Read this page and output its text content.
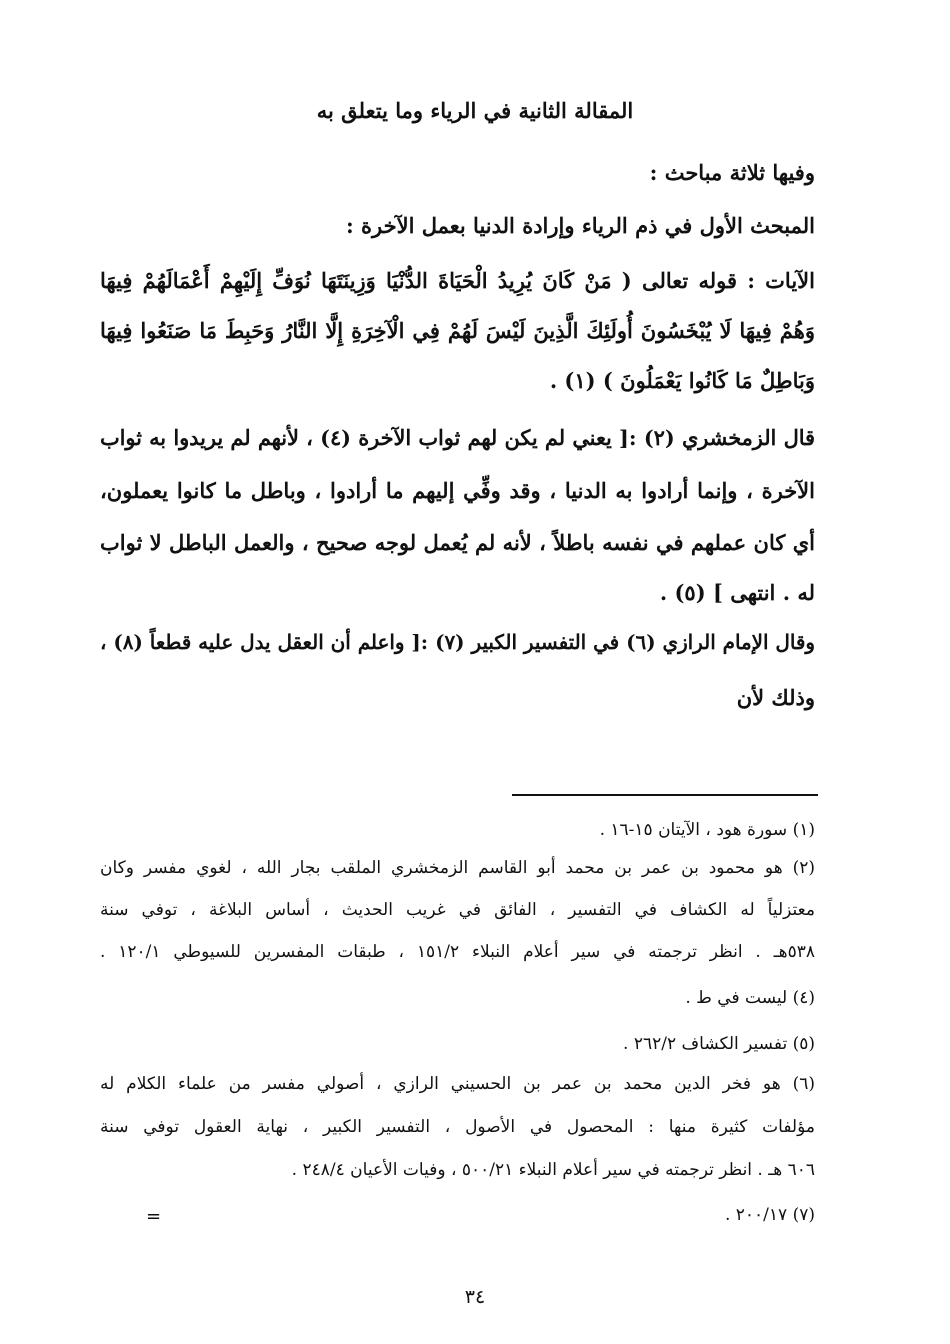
المقالة الثانية في الرياء وما يتعلق به
وفيها ثلاثة مباحث :
المبحث الأول في ذم الرياء وإرادة الدنيا بعمل الآخرة :
الآيات : قوله تعالى ( مَنْ كَانَ يُرِيدُ الْحَيَاةَ الدُّنْيَا وَزِينَتَهَا نُوَفِّ إِلَيْهِمْ أَعْمَالَهُمْ فِيهَا
وَهُمْ فِيهَا لَا يُبْخَسُونَ أُولَئِكَ الَّذِينَ لَيْسَ لَهُمْ فِي الْآخِرَةِ إِلَّا النَّارُ وَحَبِطَ مَا صَنَعُوا فِيهَا
وَبَاطِلٌ مَا كَانُوا يَعْمَلُونَ ) (١) .
قال الزمخشري (٢) :[ يعني لم يكن لهم ثواب الآخرة (٤) ، لأنهم لم يريدوا به ثواب
الآخرة ، وإنما أرادوا به الدنيا ، وقد وفِّي إليهم ما أرادوا ، وباطل ما كانوا يعملون،
أي كان عملهم في نفسه باطلاً ، لأنه لم يُعمل لوجه صحيح ، والعمل الباطل لا ثواب
له . انتهى ] (٥) .
وقال الإمام الرازي (٦) في التفسير الكبير (٧) :[ واعلم أن العقل يدل عليه قطعاً (٨) ،
وذلك لأن
(١) سورة هود ، الآيتان ١٥-١٦ .
(٢) هو محمود بن عمر بن محمد أبو القاسم الزمخشري الملقب بجار الله ، لغوي مفسر وكان
معتزلياً له الكشاف في التفسير ، الفائق في غريب الحديث ، أساس البلاغة ، توفي سنة
٥٣٨هـ . انظر ترجمته في سير أعلام النبلاء ١٥١/٢ ، طبقات المفسرين للسيوطي ١٢٠/١ .
(٤) ليست في ط .
(٥) تفسير الكشاف ٢٦٢/٢ .
(٦) هو فخر الدين محمد بن عمر بن الحسيني الرازي ، أصولي مفسر من علماء الكلام له
مؤلفات كثيرة منها : المحصول في الأصول ، التفسير الكبير ، نهاية العقول توفي سنة
٦٠٦ هـ . انظر ترجمته في سير أعلام النبلاء ٥٠٠/٢١ ، وفيات الأعيان ٢٤٨/٤ .
(٧) ٢٠٠/١٧ .
=
٣٤
